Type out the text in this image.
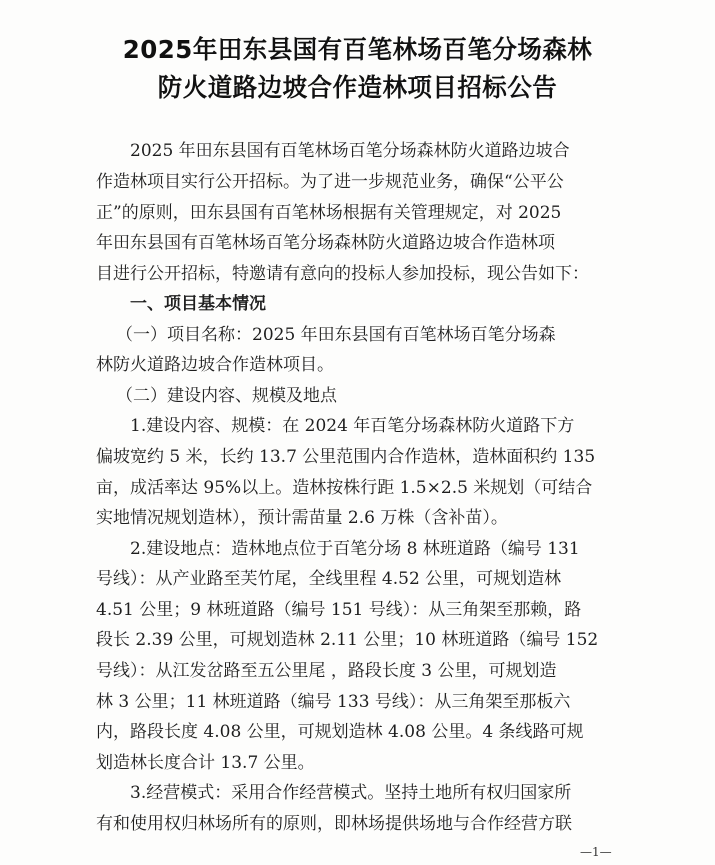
2025年田东县国有百笔林场百笔分场森林
防火道路边坡合作造林项目招标公告
2025 年田东县国有百笔林场百笔分场森林防火道路边坡合
作造林项目实行公开招标。为了进一步规范业务，确保“公平公
正”的原则，田东县国有百笔林场根据有关管理规定，对 2025
年田东县国有百笔林场百笔分场森林防火道路边坡合作造林项
目进行公开招标，特邀请有意向的投标人参加投标，现公告如下：
一、项目基本情况
（一）项目名称：2025 年田东县国有百笔林场百笔分场森
林防火道路边坡合作造林项目。
（二）建设内容、规模及地点
1.建设内容、规模：在 2024 年百笔分场森林防火道路下方
偏坡宽约 5 米，长约 13.7 公里范围内合作造林，造林面积约 135
亩，成活率达 95%以上。造林按株行距 1.5×2.5 米规划（可结合
实地情况规划造林），预计需苗量 2.6 万株（含补苗）。
2.建设地点：造林地点位于百笔分场 8 林班道路（编号 131
号线）：从产业路至芙竹尾，全线里程 4.52 公里，可规划造林
4.51 公里；9 林班道路（编号 151 号线）：从三角架至那赖，路
段长 2.39 公里，可规划造林 2.11 公里；10 林班道路（编号 152
号线）：从江发岔路至五公里尾 ，路段长度 3 公里，可规划造
林 3 公里；11 林班道路（编号 133 号线）：从三角架至那板六
内，路段长度 4.08 公里，可规划造林 4.08 公里。4 条线路可规
划造林长度合计 13.7 公里。
3.经营模式：采用合作经营模式。坚持土地所有权归国家所
有和使用权归林场所有的原则，即林场提供场地与合作经营方联
—1—
